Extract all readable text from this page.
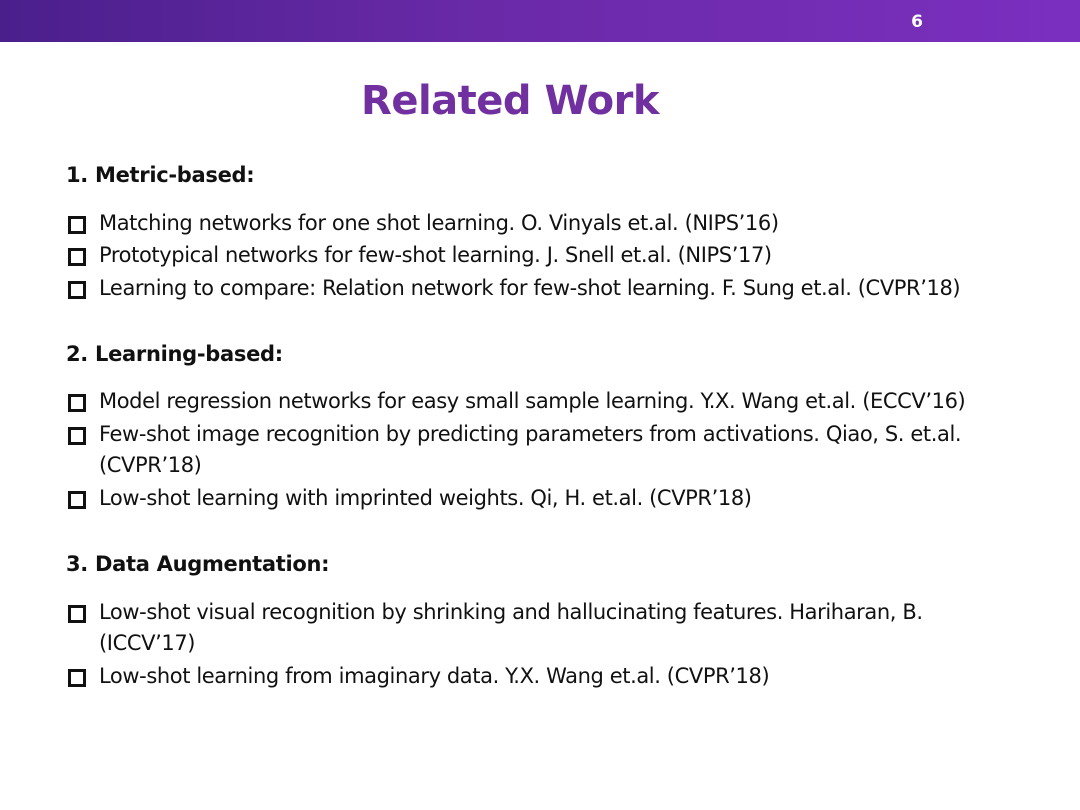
6
Related Work
1. Metric-based:
Matching networks for one shot learning. O. Vinyals et.al. (NIPS’16)
Prototypical networks for few-shot learning. J. Snell et.al. (NIPS’17)
Learning to compare: Relation network for few-shot learning. F. Sung et.al. (CVPR’18)
2. Learning-based:
Model regression networks for easy small sample learning. Y.X. Wang et.al. (ECCV’16)
Few-shot image recognition by predicting parameters from activations. Qiao, S. et.al.
(CVPR’18)
Low-shot learning with imprinted weights. Qi, H. et.al. (CVPR’18)
3. Data Augmentation:
Low-shot visual recognition by shrinking and hallucinating features. Hariharan, B.
(ICCV’17)
Low-shot learning from imaginary data. Y.X. Wang et.al. (CVPR’18)
